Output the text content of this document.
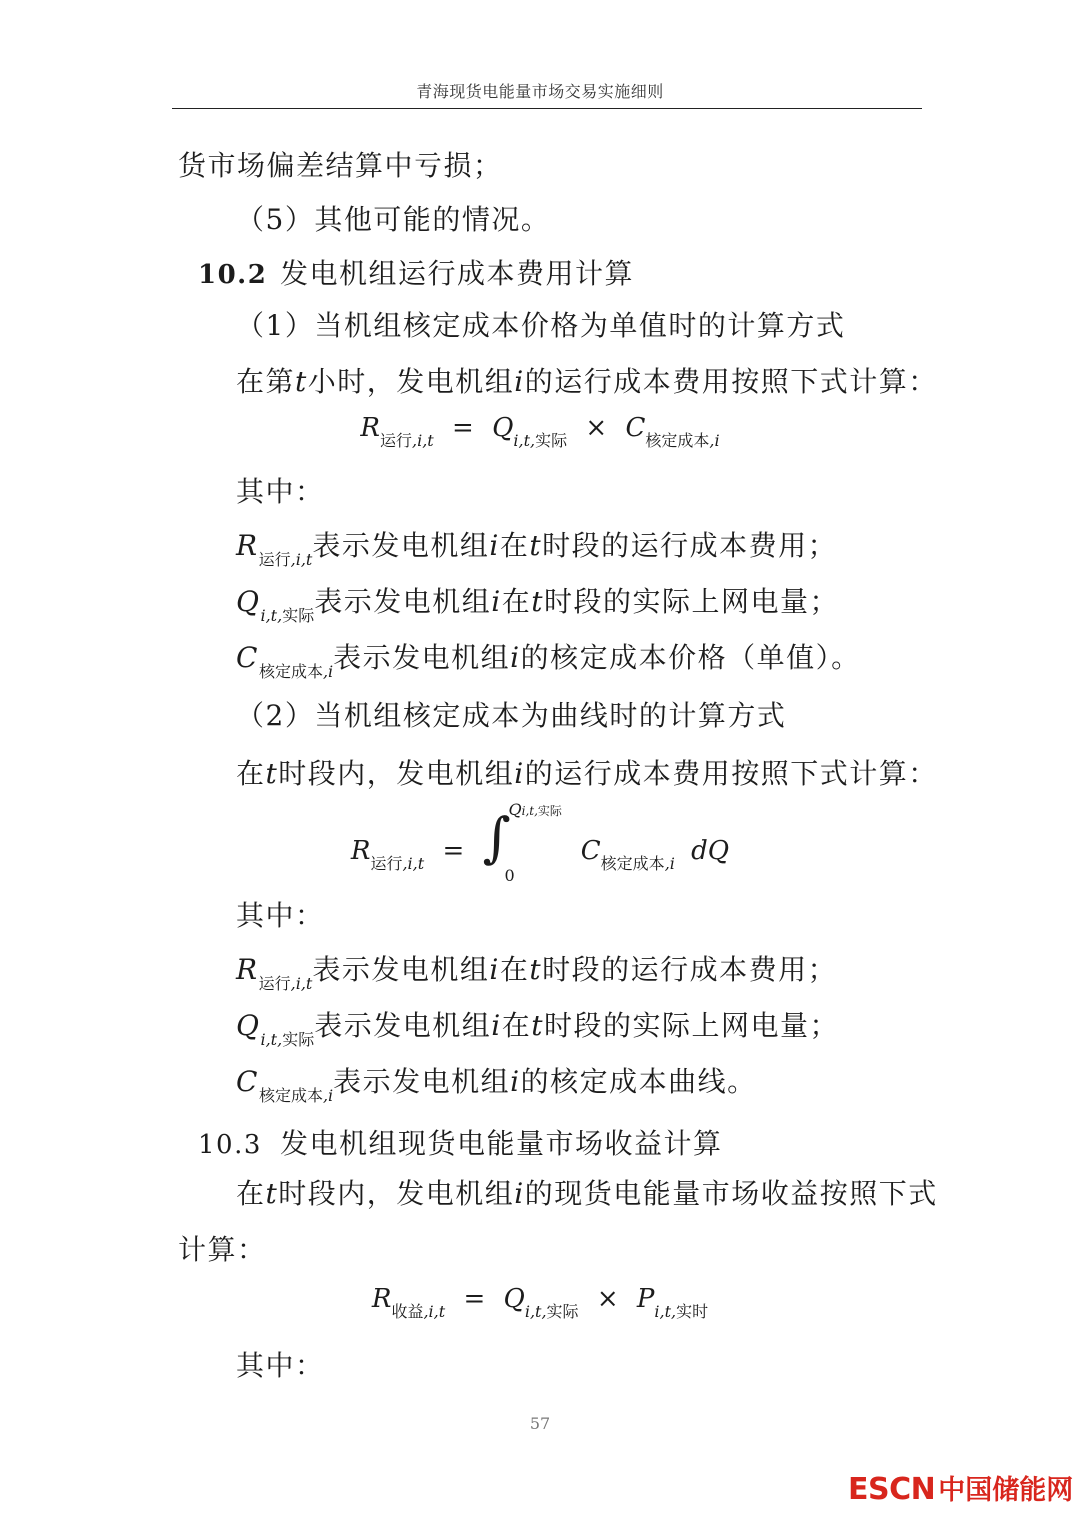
青海现货电能量市场交易实施细则
货市场偏差结算中亏损；
（5）其他可能的情况。
10.2 发电机组运行成本费用计算
（1）当机组核定成本价格为单值时的计算方式
在第t小时，发电机组i的运行成本费用按照下式计算：
$R_{运行,i,t} = Q_{i,t,实际} \times C_{核定成本,i}$
其中：
$R_{运行,i,t}$表示发电机组i在t时段的运行成本费用；
$Q_{i,t,实际}$表示发电机组i在t时段的实际上网电量；
$C_{核定成本,i}$表示发电机组i的核定成本价格（单值）。
（2）当机组核定成本为曲线时的计算方式
在t时段内，发电机组i的运行成本费用按照下式计算：
$R_{运行,i,t}$ = ∫
Qi,t,实际
0
$C_{核定成本,i}$ dQ
其中：
$R_{运行,i,t}$表示发电机组i在t时段的运行成本费用；
$Q_{i,t,实际}$表示发电机组i在t时段的实际上网电量；
$C_{核定成本,i}$表示发电机组i的核定成本曲线。
10.3 发电机组现货电能量市场收益计算
在t时段内，发电机组i的现货电能量市场收益按照下式
计算：
$R_{收益,i,t} = Q_{i,t,实际} \times P_{i,t,实时}$
其中：
57
ESCN 中国储能网
